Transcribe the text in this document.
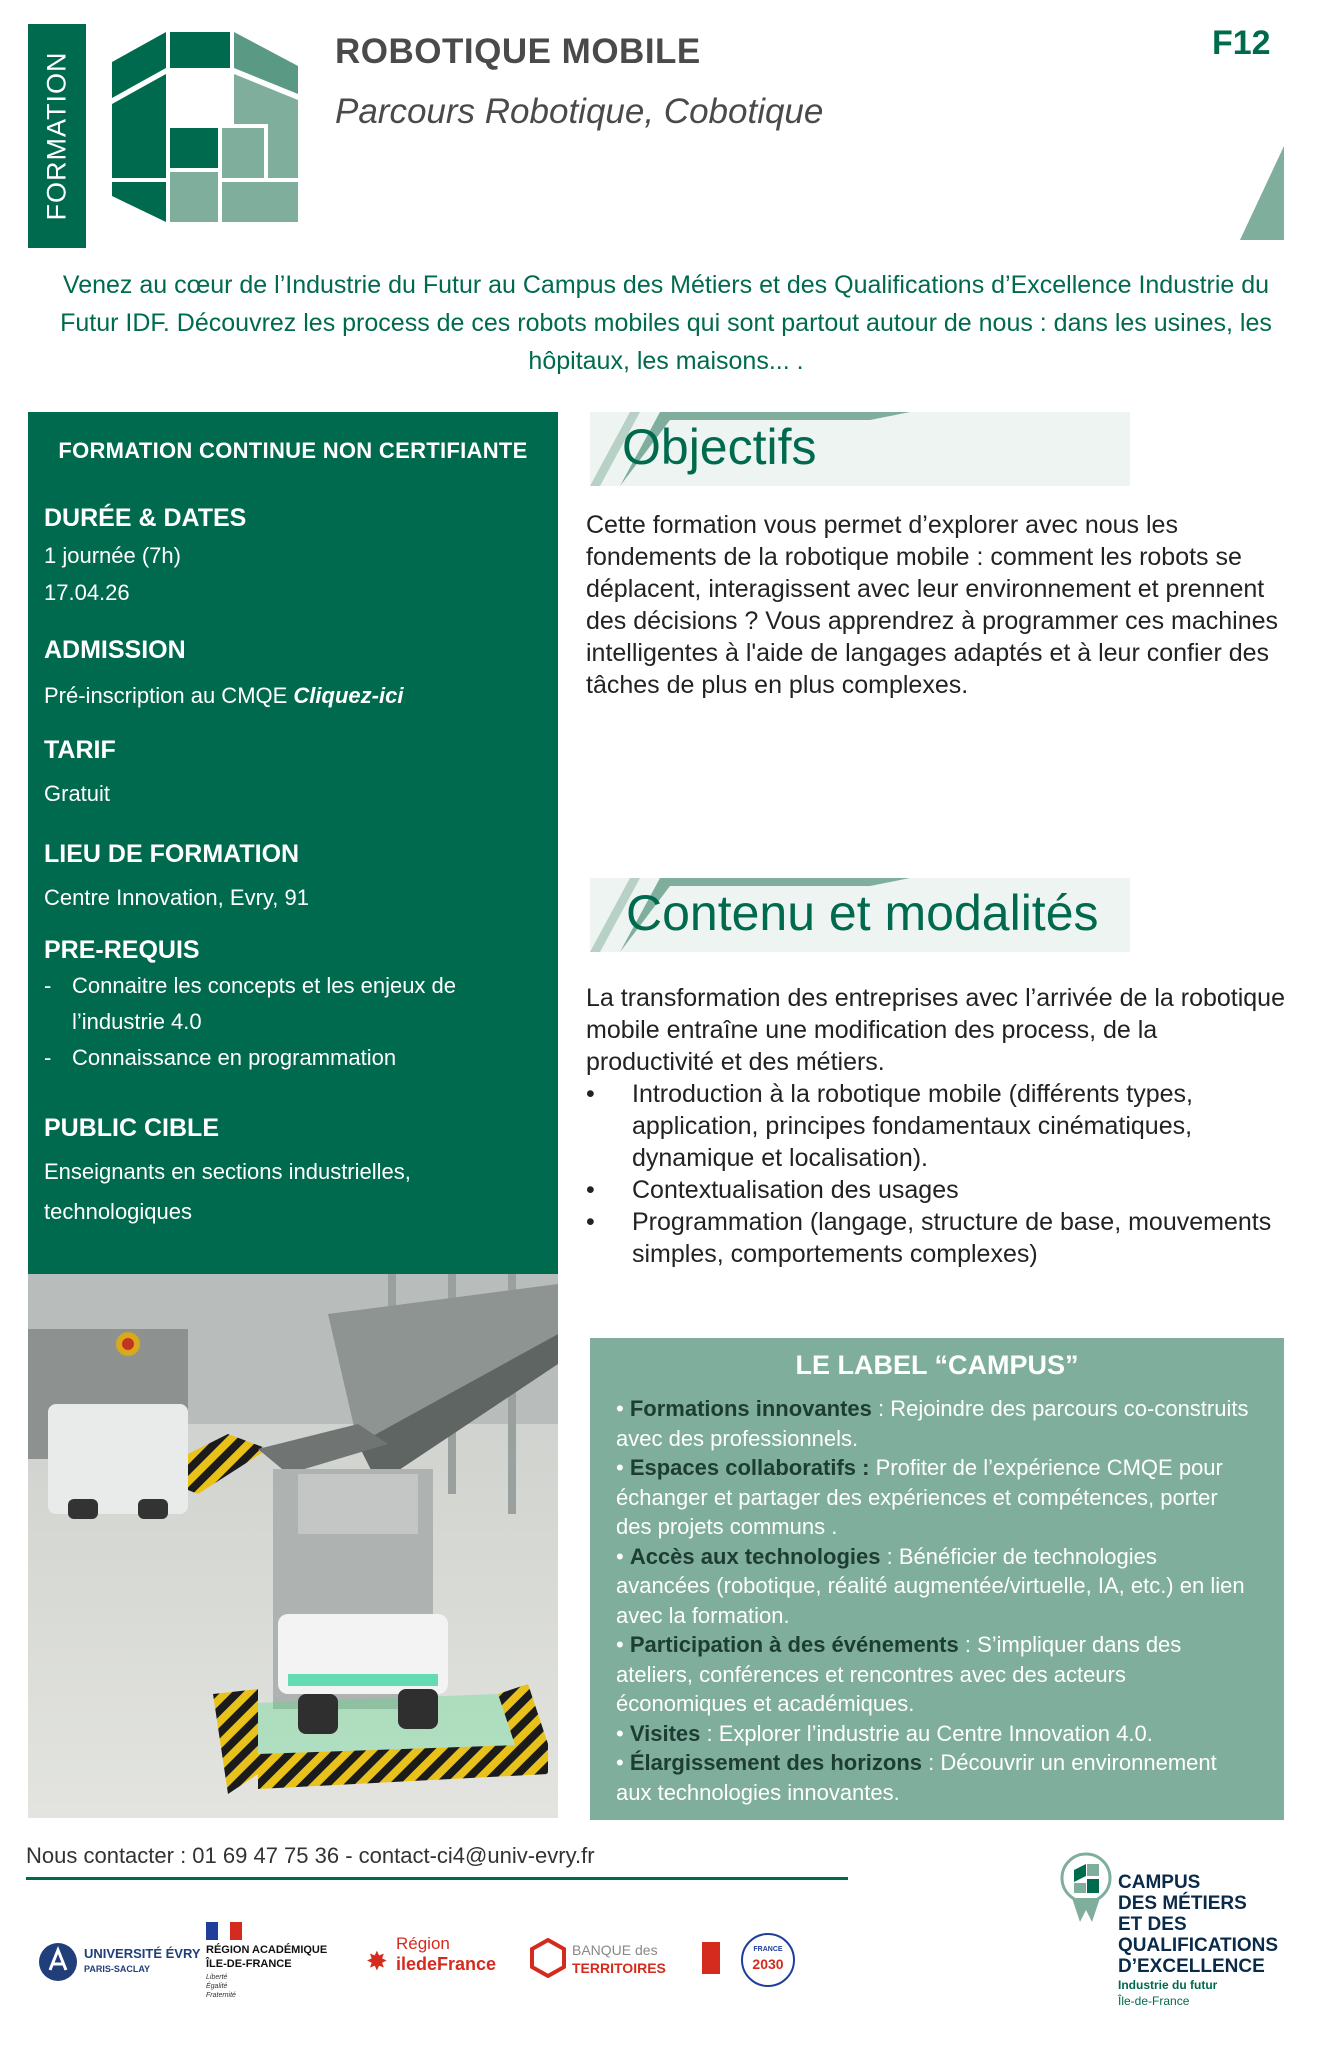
FORMATION
ROBOTIQUE MOBILE
Parcours Robotique, Cobotique
F12
Venez au cœur de l’Industrie du Futur au Campus des Métiers et des Qualifications d’Excellence Industrie du Futur IDF. Découvrez les process de ces robots mobiles qui sont partout autour de nous : dans les usines, les hôpitaux, les maisons... .
FORMATION CONTINUE NON CERTIFIANTE
DURÉE & DATES
1 journée (7h)
17.04.26
ADMISSION
Pré-inscription au CMQE Cliquez-ici
TARIF
Gratuit
LIEU DE FORMATION
Centre Innovation, Evry, 91
PRE-REQUIS
- Connaitre les concepts et les enjeux de l’industrie 4.0
- Connaissance en programmation
PUBLIC CIBLE
Enseignants en sections industrielles,
technologiques
Objectifs
Cette formation vous permet d’explorer avec nous les fondements de la robotique mobile : comment les robots se déplacent, interagissent avec leur environnement et prennent des décisions ? Vous apprendrez à programmer ces machines intelligentes à l'aide de langages adaptés et à leur confier des tâches de plus en plus complexes.
Contenu et modalités
La transformation des entreprises avec l’arrivée de la robotique mobile entraîne une modification des process, de la productivité et des métiers.
• Introduction à la robotique mobile (différents types, application, principes fondamentaux cinématiques, dynamique et localisation).
• Contextualisation des usages
• Programmation (langage, structure de base, mouvements simples, comportements complexes)
LE LABEL “CAMPUS”
• Formations innovantes : Rejoindre des parcours co-construits avec des professionnels.
• Espaces collaboratifs : Profiter de l’expérience CMQE pour échanger et partager des expériences et compétences, porter des projets communs .
• Accès aux technologies : Bénéficier de technologies avancées (robotique, réalité augmentée/virtuelle, IA, etc.) en lien avec la formation.
• Participation à des événements : S’impliquer dans des ateliers, conférences et rencontres avec des acteurs économiques et académiques.
• Visites : Explorer l’industrie au Centre Innovation 4.0.
• Élargissement des horizons : Découvrir un environnement aux technologies innovantes.
Nous contacter : 01 69 47 75 36 - contact-ci4@univ-evry.fr
UNIVERSITÉ ÉVRY
PARIS-SACLAY
RÉGION ACADÉMIQUE
ÎLE-DE-FRANCE
Liberté
Égalité
Fraternité
✸
Région
iledeFrance
BANQUE des
TERRITOIRES
FRANCE
2030
CAMPUS
DES MÉTIERS
ET DES
QUALIFICATIONS
D’EXCELLENCE
Industrie du futur
Île-de-France
